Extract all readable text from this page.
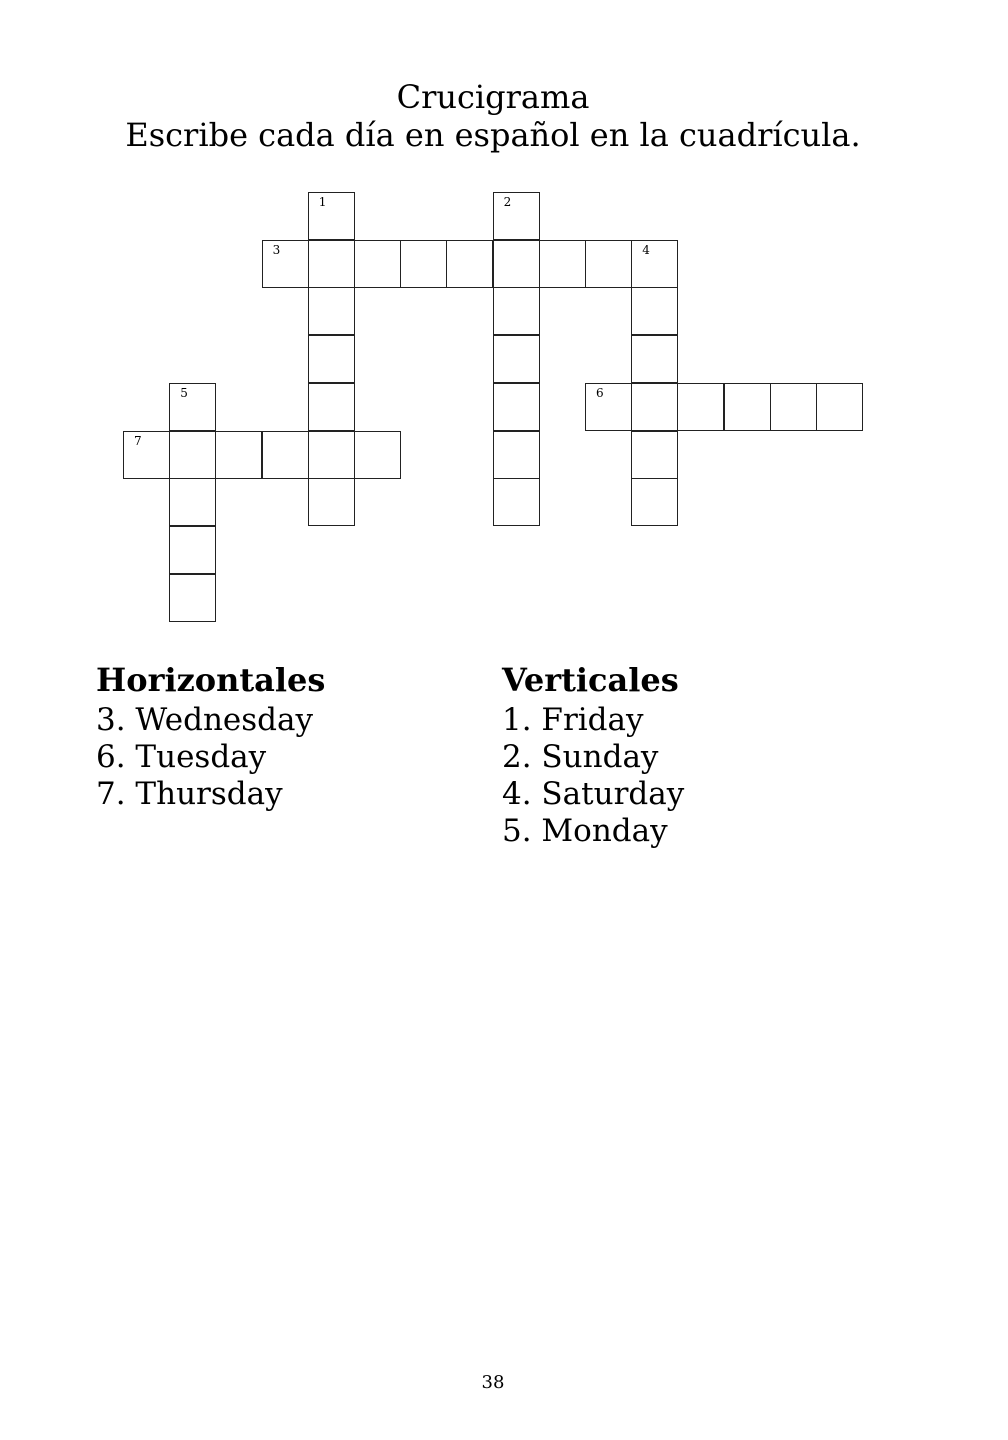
Crucigrama
Escribe cada día en español en la cuadrícula.
1	2
3	4
5	6
7
Horizontales
3. Wednesday
6. Tuesday
7. Thursday
Verticales
1. Friday
2. Sunday
4. Saturday
5. Monday
38
